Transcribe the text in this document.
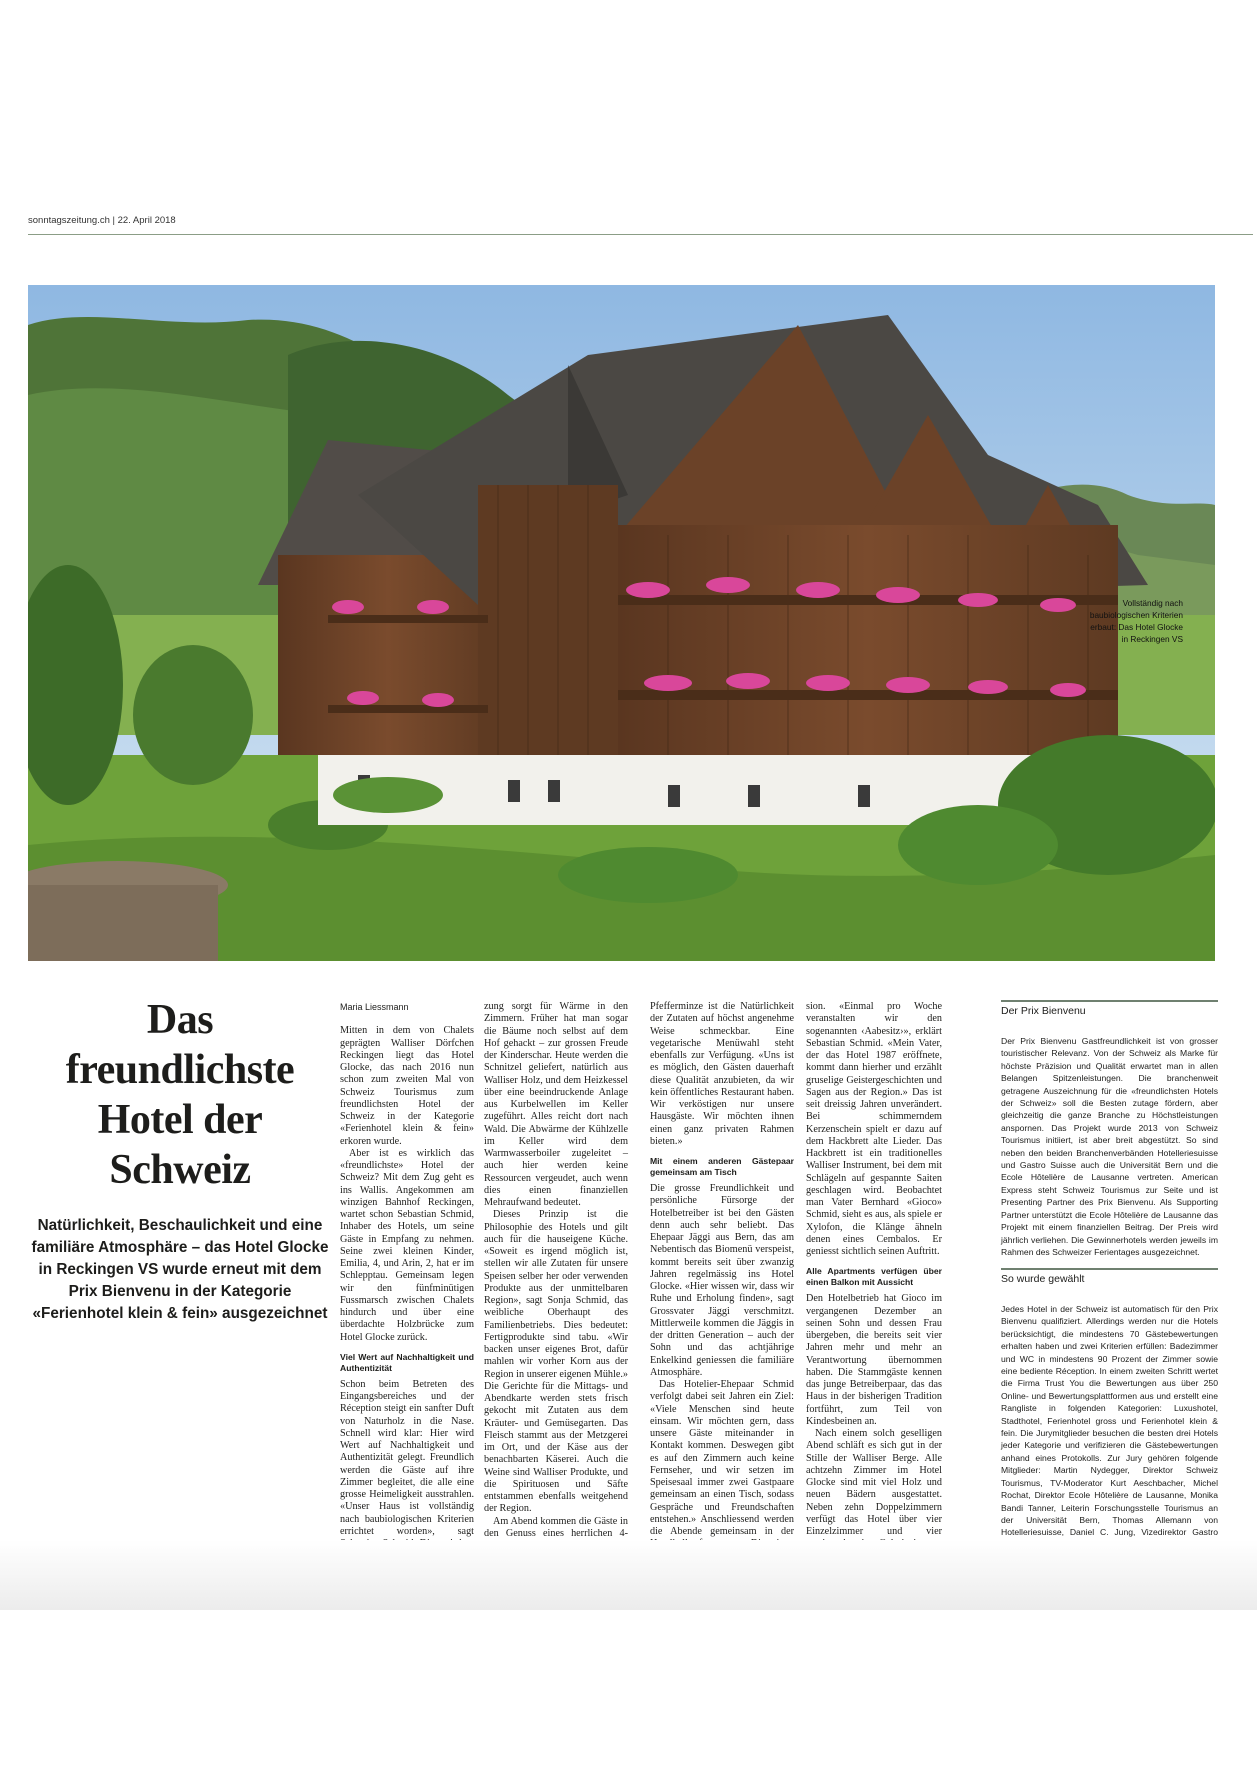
sonntagszeitung.ch | 22. April 2018
Vollständig nach baubiologischen Kriterien erbaut: Das Hotel Glocke in Reckingen VS
Das freundlichste Hotel der Schweiz
Natürlichkeit, Beschaulichkeit und eine familiäre Atmosphäre – das Hotel Glocke in Reckingen VS wurde erneut mit dem Prix Bienvenu in der Kategorie «Ferienhotel klein & fein» ausgezeichnet

Maria Liessmann

Mitten in dem von Chalets geprägten Walliser Dörfchen Reckingen liegt das Hotel Glocke, das nach 2016 nun schon zum zweiten Mal von Schweiz Tourismus zum freundlichsten Hotel der Schweiz in der Kategorie «Ferienhotel klein & fein» erkoren wurde.

Aber ist es wirklich das «freundlichste» Hotel der Schweiz? Mit dem Zug geht es ins Wallis. Angekommen am winzigen Bahnhof Reckingen, wartet schon Sebastian Schmid, Inhaber des Hotels, um seine Gäste in Empfang zu nehmen. Seine zwei kleinen Kinder, Emilia, 4, und Arin, 2, hat er im Schlepptau. Gemeinsam legen wir den fünfminütigen Fussmarsch zwischen Chalets hindurch und über eine überdachte Holzbrücke zum Hotel Glocke zurück.

Viel Wert auf Nachhaltigkeit und Authentizität

Schon beim Betreten des Eingangsbereiches und der Réception steigt ein sanfter Duft von Naturholz in die Nase. Schnell wird klar: Hier wird Wert auf Nachhaltigkeit und Authentizität gelegt. Freundlich werden die Gäste auf ihre Zimmer begleitet, die alle eine grosse Heimeligkeit ausstrahlen. «Unser Haus ist vollständig nach baubiologischen Kriterien errichtet worden», sagt

zung sorgt für Wärme in den Zimmern. Früher hat man sogar die Bäume noch selbst auf dem Hof gehackt – zur grossen Freude der Kinderschar. Heute werden die Schnitzel geliefert, natürlich aus Walliser Holz, und dem Heizkessel über eine beeindruckende Anlage aus Kurbelwellen im Keller zugeführt. Alles reicht dort nach Wald. Die Abwärme der Kühlzelle im Keller wird dem Warmwasserboiler zugeleitet – auch hier werden keine Ressourcen vergeudet, auch wenn dies einen finanziellen Mehraufwand bedeutet.

Dieses Prinzip ist die Philosophie des Hotels und gilt auch für die hauseigene Küche. «Soweit es irgend möglich ist, stellen wir alle Zutaten für unsere Speisen selber her oder verwenden Produkte aus der unmittelbaren Region», sagt Sonja Schmid, das weibliche Oberhaupt des Familienbetriebs. Dies bedeutet: Fertigprodukte sind tabu. «Wir backen unser eigenes Brot, dafür mahlen wir vorher Korn aus der Region in unserer eigenen Mühle.» Die Gerichte für die Mittags- und Abendkarte werden stets frisch gekocht mit Zutaten aus dem Kräuter- und Gemüsegarten. Das Fleisch stammt aus der Metzgerei im Ort, und der Käse aus der benachbarten Käserei. Auch die Weine sind Walliser Produkte, und die Spirituosen und Säfte entstammen ebenfalls weitgehend der Region.

Am Abend kommen die Gäste in den Genuss eines herrlichen 4-

Pfefferminze ist die Natürlichkeit der Zutaten auf höchst angenehme Weise schmeckbar. Eine vegetarische Menüwahl steht ebenfalls zur Verfügung. «Uns ist es möglich, den Gästen dauerhaft diese Qualität anzubieten, da wir kein öffentliches Restaurant haben. Wir verköstigen nur unsere Hausgäste. Wir möchten ihnen einen ganz privaten Rahmen bieten.»

Mit einem anderen Gästepaar gemeinsam am Tisch

Die grosse Freundlichkeit und persönliche Fürsorge der Hotelbetreiber ist bei den Gästen denn auch sehr beliebt. Das Ehepaar Jäggi aus Bern, das am Nebentisch das Biomenü verspeist, kommt bereits seit über zwanzig Jahren regelmässig ins Hotel Glocke. «Hier wissen wir, dass wir Ruhe und Erholung finden», sagt Grossvater Jäggi verschmitzt. Mittlerweile kommen die Jäggis in der dritten Generation – auch der Sohn und das achtjährige Enkelkind geniessen die familiäre Atmosphäre.

Das Hotelier-Ehepaar Schmid verfolgt dabei seit Jahren ein Ziel: «Viele Menschen sind heute einsam. Wir möchten gern, dass unsere Gäste miteinander in Kontakt kommen. Deswegen gibt es auf den Zimmern auch keine Fernseher, und wir setzen im Speisesaal immer zwei Gastpaare gemeinsam an einen Tisch, sodass Gespräche und Freundschaften entstehen.» Anschliessend werden die Abende gemeinsam in der

sion. «Einmal pro Woche veranstalten wir den sogenannten ‹Aabesitz›», erklärt Sebastian Schmid. «Mein Vater, der das Hotel 1987 eröffnete, kommt dann hierher und erzählt gruselige Geistergeschichten und Sagen aus der Region.» Das ist seit dreissig Jahren unverändert. Bei schimmerndem Kerzenschein spielt er dazu auf dem Hackbrett alte Lieder. Das Hackbrett ist ein traditionelles Walliser Instrument, bei dem mit Schlägeln auf gespannte Saiten geschlagen wird. Beobachtet man Vater Bernhard «Gioco» Schmid, sieht es aus, als spiele er Xylofon, die Klänge ähneln denen eines Cembalos. Er geniesst sichtlich seinen Auftritt.

Alle Apartments verfügen über einen Balkon mit Aussicht

Den Hotelbetrieb hat Gioco im vergangenen Dezember an seinen Sohn und dessen Frau übergeben, die bereits seit vier Jahren mehr und mehr an Verantwortung übernommen haben. Die Stammgäste kennen das junge Betreiberpaar, das das Haus in der bisherigen Tradition fortführt, zum Teil von Kindesbeinen an.

Nach einem solch geselligen Abend schläft es sich gut in der Stille der Walliser Berge. Alle achtzehn Zimmer im Hotel Glocke sind mit viel Holz und neuen Bädern ausgestattet. Neben zehn Doppelzimmern verfügt das Hotel über vier Einzelzimmer und vier

Der Prix Bienvenu

Der Prix Bienvenu Gastfreundlichkeit ist von grosser touristischer Relevanz. Von der Schweiz als Marke für höchste Präzision und Qualität erwartet man in allen Belangen Spitzenleistungen. Die branchenweit getragene Auszeichnung für die «freundlichsten Hotels der Schweiz» soll die Besten zutage fördern, aber gleichzeitig die ganze Branche zu Höchstleistungen anspornen. Das Projekt wurde 2013 von Schweiz Tourismus initiiert, ist aber breit abgestützt. So sind neben den beiden Branchenverbänden Hotelleriesuisse und Gastro Suisse auch die Universität Bern und die Ecole Hôtelière de Lausanne vertreten. American Express steht Schweiz Tourismus zur Seite und ist Presenting Partner des Prix Bienvenu. Als Supporting Partner unterstützt die Ecole Hôtelière de Lausanne das Projekt mit einem finanziellen Beitrag. Der Preis wird jährlich verliehen. Die Gewinnerhotels werden jeweils im Rahmen des Schweizer Ferientages ausgezeichnet.

So wurde gewählt

Jedes Hotel in der Schweiz ist automatisch für den Prix Bienvenu qualifiziert. Allerdings werden nur die Hotels berücksichtigt, die mindestens 70 Gästebewertungen erhalten haben und zwei Kriterien erfüllen: Badezimmer und WC in mindestens 90 Prozent der Zimmer sowie eine bediente Réception. In einem zweiten Schritt wertet die Firma Trust You die Bewertungen aus über 250 Online- und Bewertungsplattformen aus und erstellt eine Rangliste in folgenden Kategorien: Luxushotel, Stadthotel, Ferienhotel gross und Ferienhotel klein & fein. Die Jurymitglieder besuchen die besten drei Hotels jeder Kategorie und verifizieren die Gästebewertungen anhand eines Protokolls. Zur Jury gehören folgende Mitglieder: Martin Nydegger, Direktor Schweiz Tourismus, TV-Moderator Kurt Aeschbacher, Michel Rochat, Direktor Ecole Hôtelière de Lausanne, Monika Bandi Tanner, Leiterin Forschungsstelle Tourismus an der Universität Bern, Thomas Allemann von Hotelleriesuisse, Daniel C. Jung, Vizedirektor Gastro
